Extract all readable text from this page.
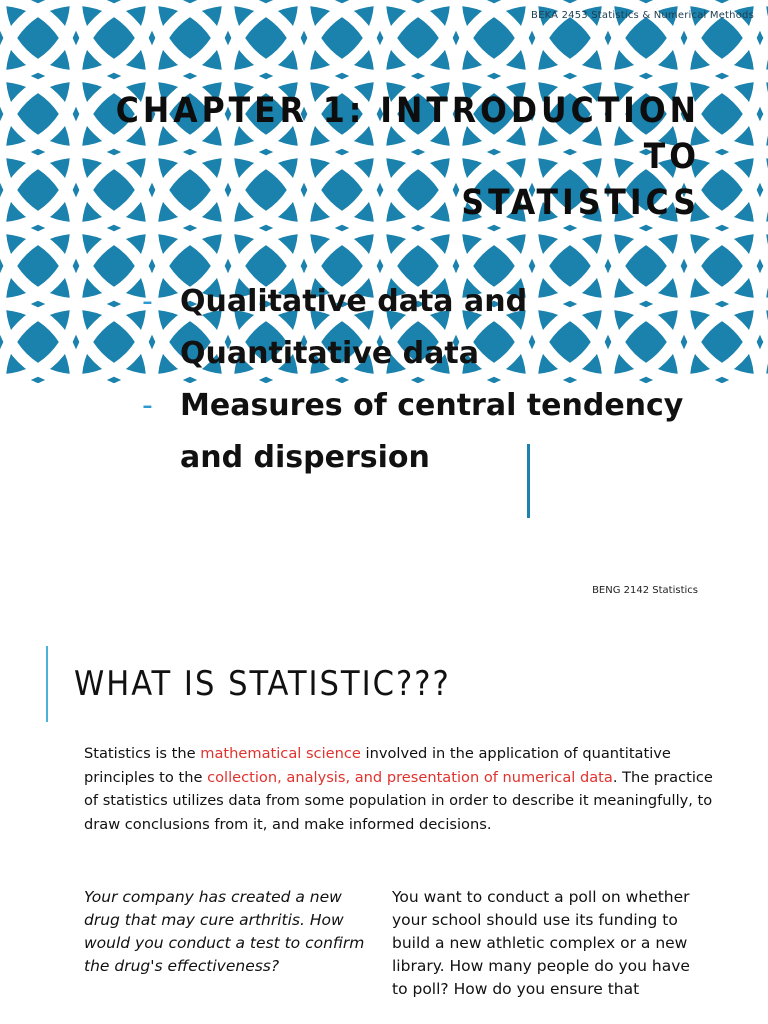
BEKA 2453 Statistics & Numerical Methods
CHAPTER 1: INTRODUCTION TO
STATISTICS
- Qualitative data and
Quantitative data
- Measures of central tendency
and dispersion
BENG 2142 Statistics
WHAT IS STATISTIC???
Statistics is the mathematical science involved in the application of quantitative principles to the collection, analysis, and presentation of numerical data. The practice of statistics utilizes data from some population in order to describe it meaningfully, to draw conclusions from it, and make informed decisions.
Your company has created a new drug that may cure arthritis. How would you conduct a test to confirm the drug's effectiveness?
You want to conduct a poll on whether your school should use its funding to build a new athletic complex or a new library. How many people do you have to poll? How do you ensure that
